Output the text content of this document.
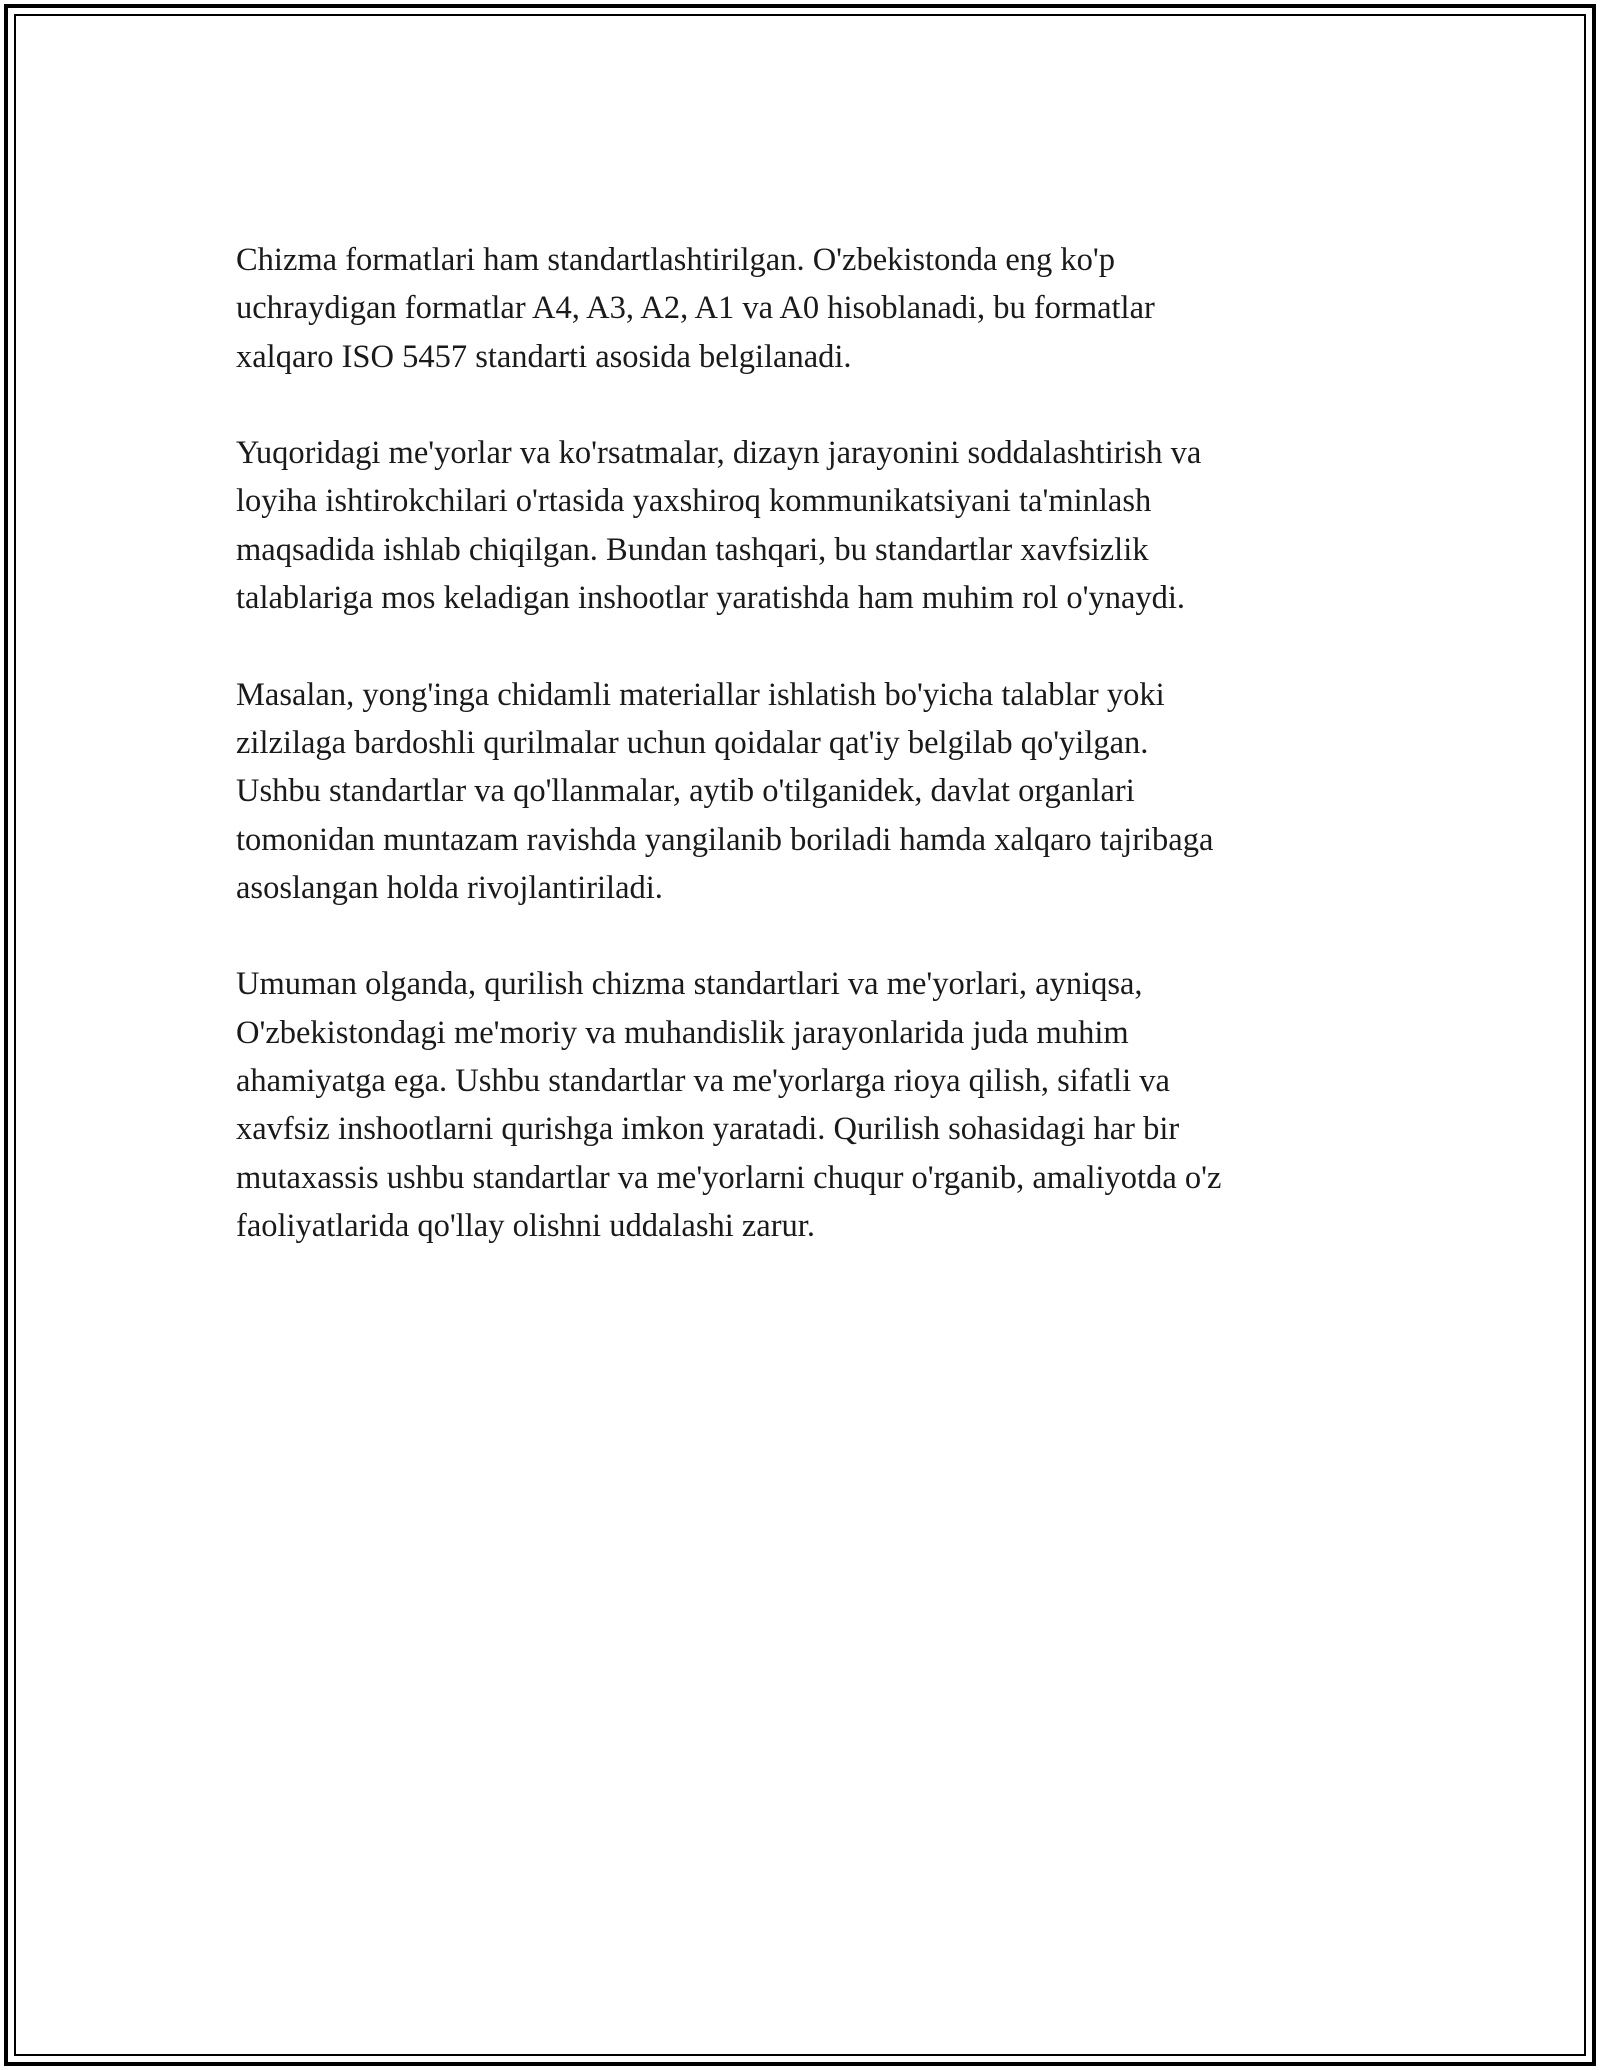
Chizma formatlari ham standartlashtirilgan. O'zbekistonda eng ko'p
uchraydigan formatlar A4, A3, A2, A1 va A0 hisoblanadi, bu formatlar
xalqaro ISO 5457 standarti asosida belgilanadi.

Yuqoridagi me'yorlar va ko'rsatmalar, dizayn jarayonini soddalashtirish va
loyiha ishtirokchilari o'rtasida yaxshiroq kommunikatsiyani ta'minlash
maqsadida ishlab chiqilgan. Bundan tashqari, bu standartlar xavfsizlik
talablariga mos keladigan inshootlar yaratishda ham muhim rol o'ynaydi.

Masalan, yong'inga chidamli materiallar ishlatish bo'yicha talablar yoki
zilzilaga bardoshli qurilmalar uchun qoidalar qat'iy belgilab qo'yilgan.
Ushbu standartlar va qo'llanmalar, aytib o'tilganidek, davlat organlari
tomonidan muntazam ravishda yangilanib boriladi hamda xalqaro tajribaga
asoslangan holda rivojlantiriladi.

Umuman olganda, qurilish chizma standartlari va me'yorlari, ayniqsa,
O'zbekistondagi me'moriy va muhandislik jarayonlarida juda muhim
ahamiyatga ega. Ushbu standartlar va me'yorlarga rioya qilish, sifatli va
xavfsiz inshootlarni qurishga imkon yaratadi. Qurilish sohasidagi har bir
mutaxassis ushbu standartlar va me'yorlarni chuqur o'rganib, amaliyotda o'z
faoliyatlarida qo'llay olishni uddalashi zarur.
